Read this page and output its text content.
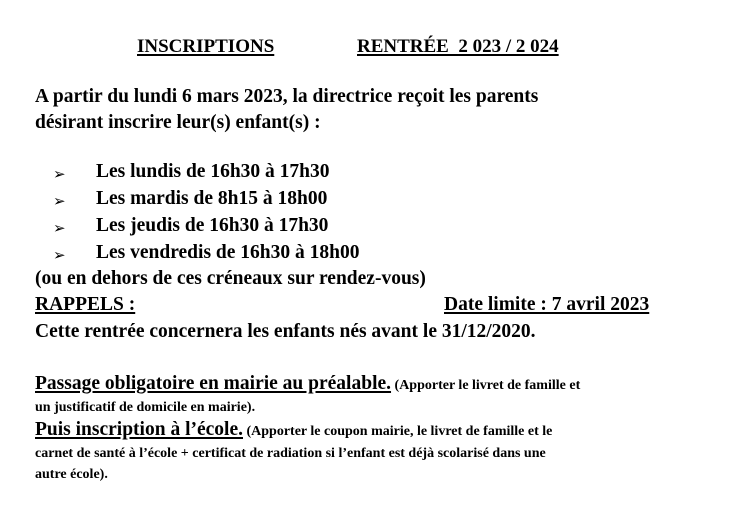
INSCRIPTIONS	RENTRÉE  2 023 / 2 024
A partir du lundi 6 mars 2023, la directrice reçoit les parents
désirant inscrire leur(s) enfant(s) :
➢ Les lundis de 16h30 à 17h30
➢ Les mardis de 8h15 à 18h00
➢ Les jeudis de 16h30 à 17h30
➢ Les vendredis de 16h30 à 18h00
(ou en dehors de ces créneaux sur rendez-vous)
RAPPELS :	Date limite : 7 avril 2023
Cette rentrée concernera les enfants nés avant le 31/12/2020.
Passage obligatoire en mairie au préalable. (Apporter le livret de famille et
un justificatif de domicile en mairie).
Puis inscription à l’école. (Apporter le coupon mairie, le livret de famille et le
carnet de santé à l’école + certificat de radiation si l’enfant est déjà scolarisé dans une
autre école).
